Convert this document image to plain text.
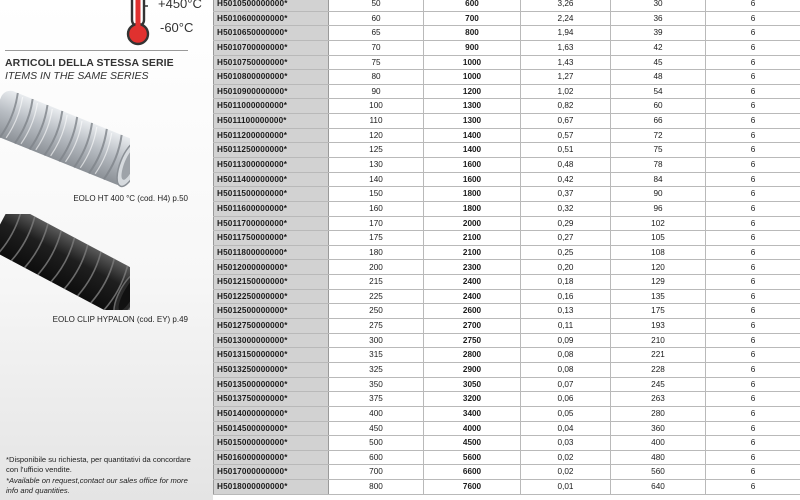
+450°C
-60°C
ARTICOLI DELLA STESSA SERIE
ITEMS IN THE SAME SERIES
EOLO HT 400 °C (cod. H4) p.50
EOLO CLIP HYPALON (cod. EY) p.49
*Disponibile su richiesta, per quantitativi da concordare con l'ufficio vendite.
*Available on request,contact our sales office for more info and quantities.
H5010500000000*	50	600	3,26	30	6
H5010600000000*	60	700	2,24	36	6
H5010650000000*	65	800	1,94	39	6
H5010700000000*	70	900	1,63	42	6
H5010750000000*	75	1000	1,43	45	6
H5010800000000*	80	1000	1,27	48	6
H5010900000000*	90	1200	1,02	54	6
H5011000000000*	100	1300	0,82	60	6
H5011100000000*	110	1300	0,67	66	6
H5011200000000*	120	1400	0,57	72	6
H5011250000000*	125	1400	0,51	75	6
H5011300000000*	130	1600	0,48	78	6
H5011400000000*	140	1600	0,42	84	6
H5011500000000*	150	1800	0,37	90	6
H5011600000000*	160	1800	0,32	96	6
H5011700000000*	170	2000	0,29	102	6
H5011750000000*	175	2100	0,27	105	6
H5011800000000*	180	2100	0,25	108	6
H5012000000000*	200	2300	0,20	120	6
H5012150000000*	215	2400	0,18	129	6
H5012250000000*	225	2400	0,16	135	6
H5012500000000*	250	2600	0,13	175	6
H5012750000000*	275	2700	0,11	193	6
H5013000000000*	300	2750	0,09	210	6
H5013150000000*	315	2800	0,08	221	6
H5013250000000*	325	2900	0,08	228	6
H5013500000000*	350	3050	0,07	245	6
H5013750000000*	375	3200	0,06	263	6
H5014000000000*	400	3400	0,05	280	6
H5014500000000*	450	4000	0,04	360	6
H5015000000000*	500	4500	0,03	400	6
H5016000000000*	600	5600	0,02	480	6
H5017000000000*	700	6600	0,02	560	6
H5018000000000*	800	7600	0,01	640	6
